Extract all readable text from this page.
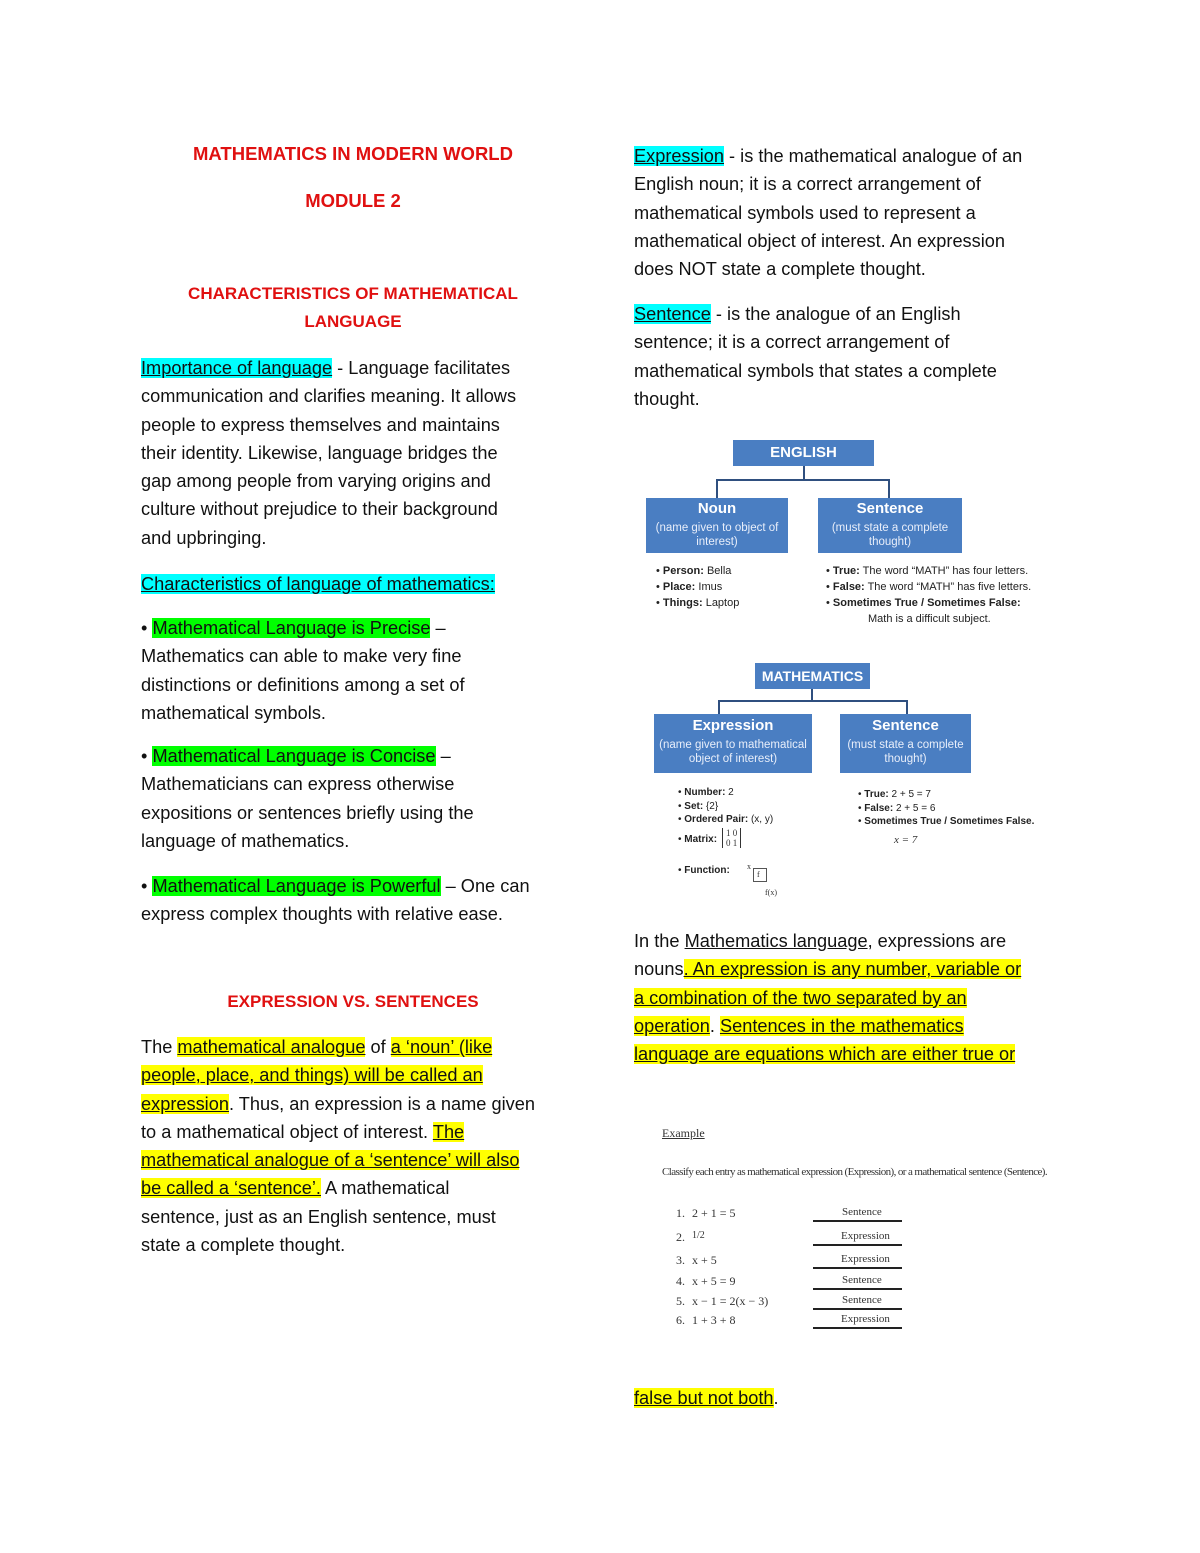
MATHEMATICS IN MODERN WORLD
MODULE 2
CHARACTERISTICS OF MATHEMATICAL
LANGUAGE

Importance of language - Language facilitates

communication and clarifies meaning. It allows

people to express themselves and maintains

their identity. Likewise, language bridges the

gap among people from varying origins and

culture without prejudice to their background

and upbringing.

Characteristics of language of mathematics:

• Mathematical Language is Precise –

Mathematics can able to make very fine

distinctions or definitions among a set of

mathematical symbols.

• Mathematical Language is Concise –

Mathematicians can express otherwise

expositions or sentences briefly using the

language of mathematics.

• Mathematical Language is Powerful – One can

express complex thoughts with relative ease.

EXPRESSION VS. SENTENCES

The mathematical analogue of a ‘noun’ (like

people, place, and things) will be called an

expression. Thus, an expression is a name given

to a mathematical object of interest. The

mathematical analogue of a ‘sentence’ will also

be called a ‘sentence’. A mathematical

sentence, just as an English sentence, must

state a complete thought.

Expression - is the mathematical analogue of an

English noun; it is a correct arrangement of

mathematical symbols used to represent a

mathematical object of interest. An expression

does NOT state a complete thought.

Sentence - is the analogue of an English

sentence; it is a correct arrangement of

mathematical symbols that states a complete

thought.

In the Mathematics language, expressions are

nouns. An expression is any number, variable or

a combination of the two separated by an

operation. Sentences in the mathematics

language are equations which are either true or

false but not both.

ENGLISH
Noun
(name given to object of
interest)
Sentence
(must state a complete
thought)
• Person: Bella
• Place: Imus
• Things: Laptop
• True: The word “MATH” has four letters.
• False: The word “MATH” has five letters.
• Sometimes True / Sometimes False:
Math is a difficult subject.
MATHEMATICS
Expression
(name given to mathematical
object of interest)
Sentence
(must state a complete
thought)
• Number: 2
• Set: {2}
• Ordered Pair: (x, y)
• Matrix:
• Function:
1 0
0 1
x
f
f(x)
• True: 2 + 5 = 7
• False: 2 + 5 = 6
• Sometimes True / Sometimes False.
x = 7
Example
Classify each entry as mathematical expression (Expression), or a mathematical sentence (Sentence).
1. 2 + 1 = 5	Sentence
2. 1/2	Expression
3. x + 5	Expression
4. x + 5 = 9	Sentence
5. x − 1 = 2(x − 3)	Sentence
6. 1 + 3 + 8	Expression
